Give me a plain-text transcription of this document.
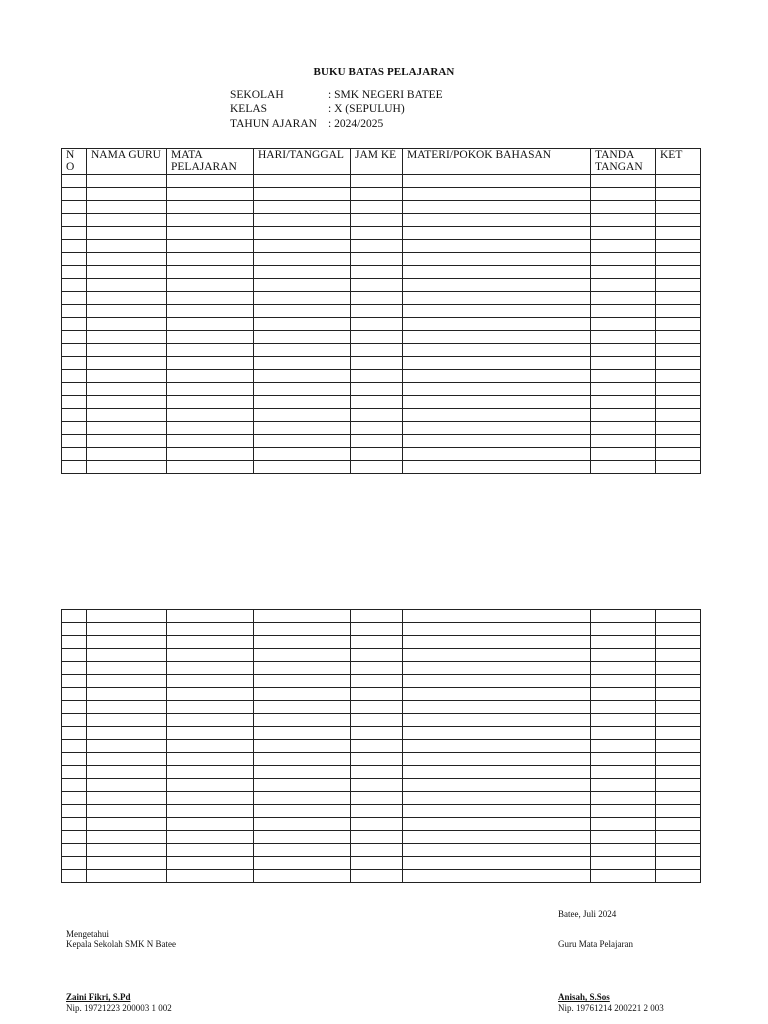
BUKU BATAS PELAJARAN
SEKOLAH	: SMK NEGERI BATEE
KELAS	: X (SEPULUH)
TAHUN AJARAN : 2024/2025
N O	NAMA GURU	MATA PELAJARAN	HARI/TANGGAL	JAM KE	MATERI/POKOK BAHASAN	TANDA TANGAN	KET

Batee, Juli 2024
Mengetahui
Kepala Sekolah SMK N Batee	Guru Mata Pelajaran
Zaini Fikri, S.Pd
Nip. 19721223 200003 1 002
Anisah, S.Sos
Nip. 19761214 200221 2 003
